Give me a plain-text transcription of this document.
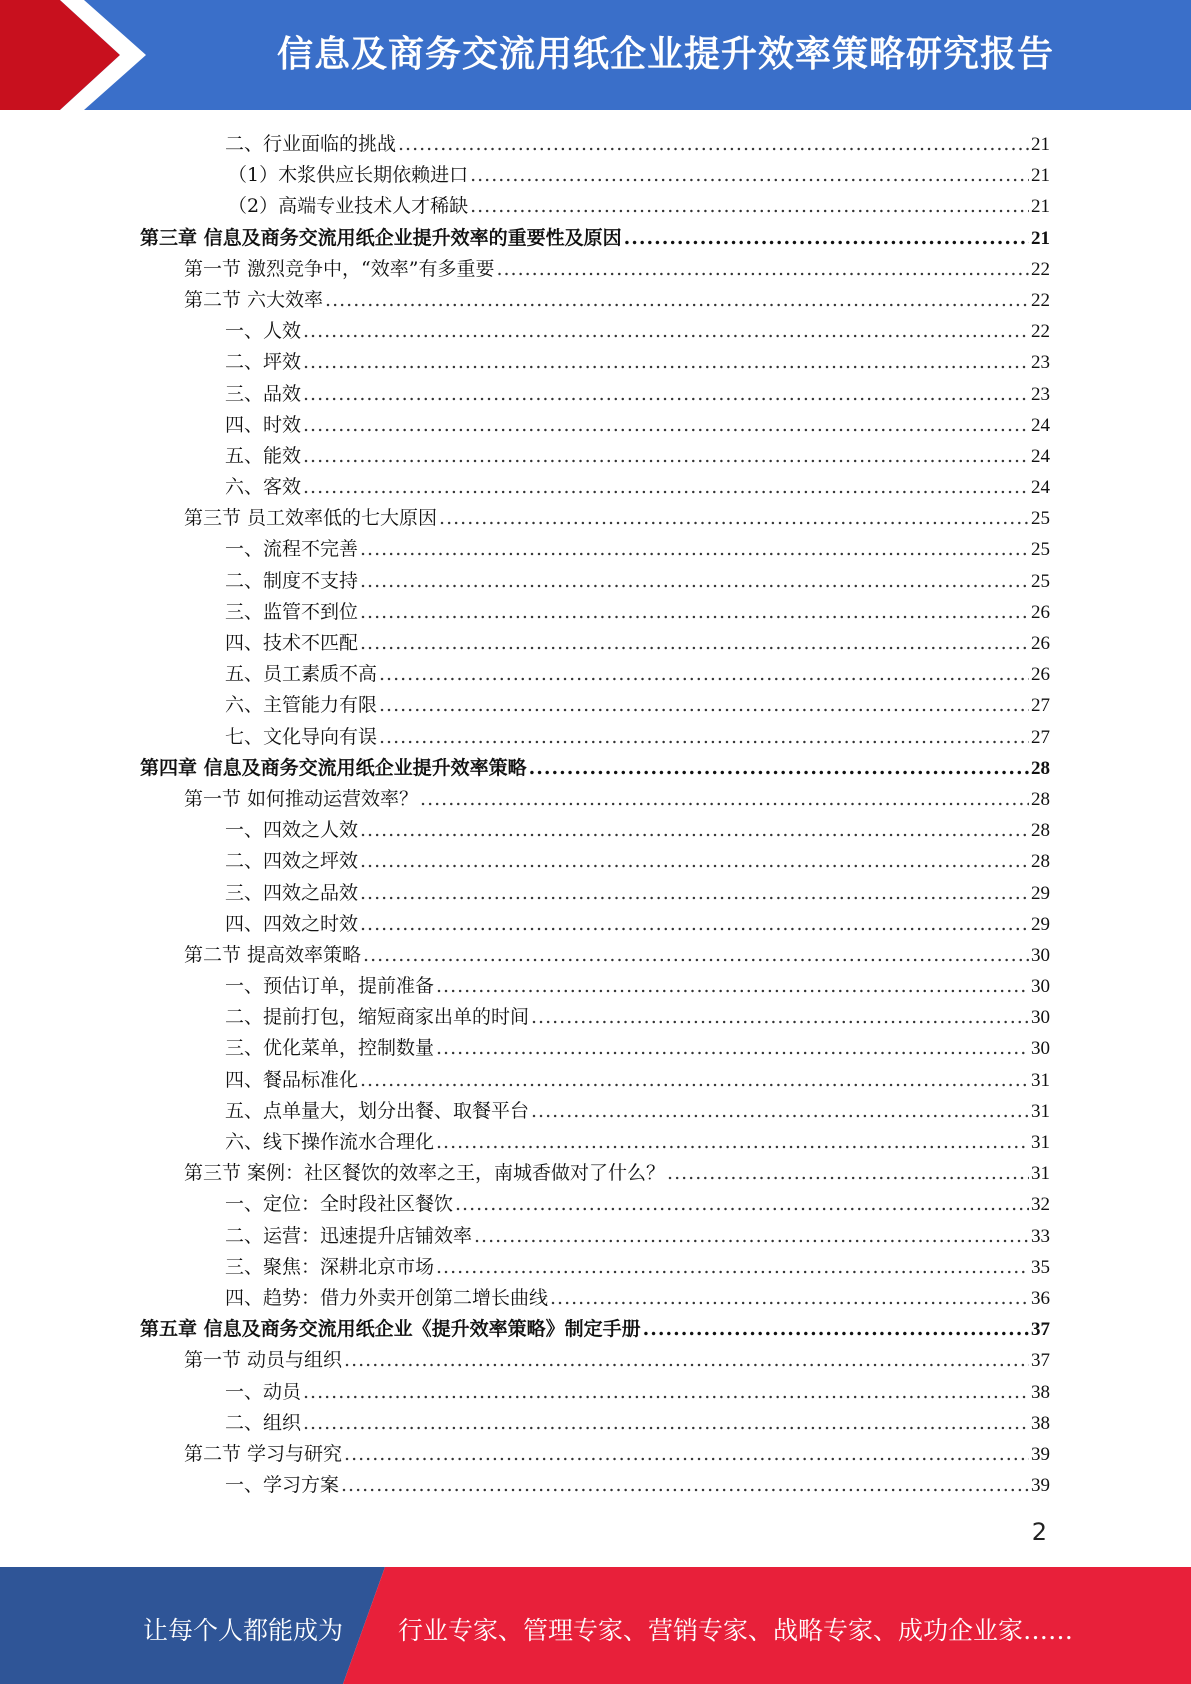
信息及商务交流用纸企业提升效率策略研究报告
二、行业面临的挑战 .....	21
（1）木浆供应长期依赖进口 .....	21
（2）高端专业技术人才稀缺 .....	21
第三章 信息及商务交流用纸企业提升效率的重要性及原因 .....	21
第一节 激烈竞争中，“效率”有多重要 .....	22
第二节 六大效率 .....	22
一、人效 .....	22
二、坪效 .....	23
三、品效 .....	23
四、时效 .....	24
五、能效 .....	24
六、客效 .....	24
第三节 员工效率低的七大原因 .....	25
一、流程不完善 .....	25
二、制度不支持 .....	25
三、监管不到位 .....	26
四、技术不匹配 .....	26
五、员工素质不高 .....	26
六、主管能力有限 .....	27
七、文化导向有误 .....	27
第四章 信息及商务交流用纸企业提升效率策略 .....	28
第一节 如何推动运营效率？ .....	28
一、四效之人效 .....	28
二、四效之坪效 .....	28
三、四效之品效 .....	29
四、四效之时效 .....	29
第二节 提高效率策略 .....	30
一、预估订单，提前准备 .....	30
二、提前打包，缩短商家出单的时间 .....	30
三、优化菜单，控制数量 .....	30
四、餐品标准化 .....	31
五、点单量大，划分出餐、取餐平台 .....	31
六、线下操作流水合理化 .....	31
第三节 案例：社区餐饮的效率之王，南城香做对了什么？ .....	31
一、定位：全时段社区餐饮 .....	32
二、运营：迅速提升店铺效率 .....	33
三、聚焦：深耕北京市场 .....	35
四、趋势：借力外卖开创第二增长曲线 .....	36
第五章 信息及商务交流用纸企业《提升效率策略》制定手册 .....	37
第一节 动员与组织 .....	37
一、动员 .....	38
二、组织 .....	38
第二节 学习与研究 .....	39
一、学习方案 .....	39
2
让每个人都能成为 行业专家、管理专家、营销专家、战略专家、成功企业家……
